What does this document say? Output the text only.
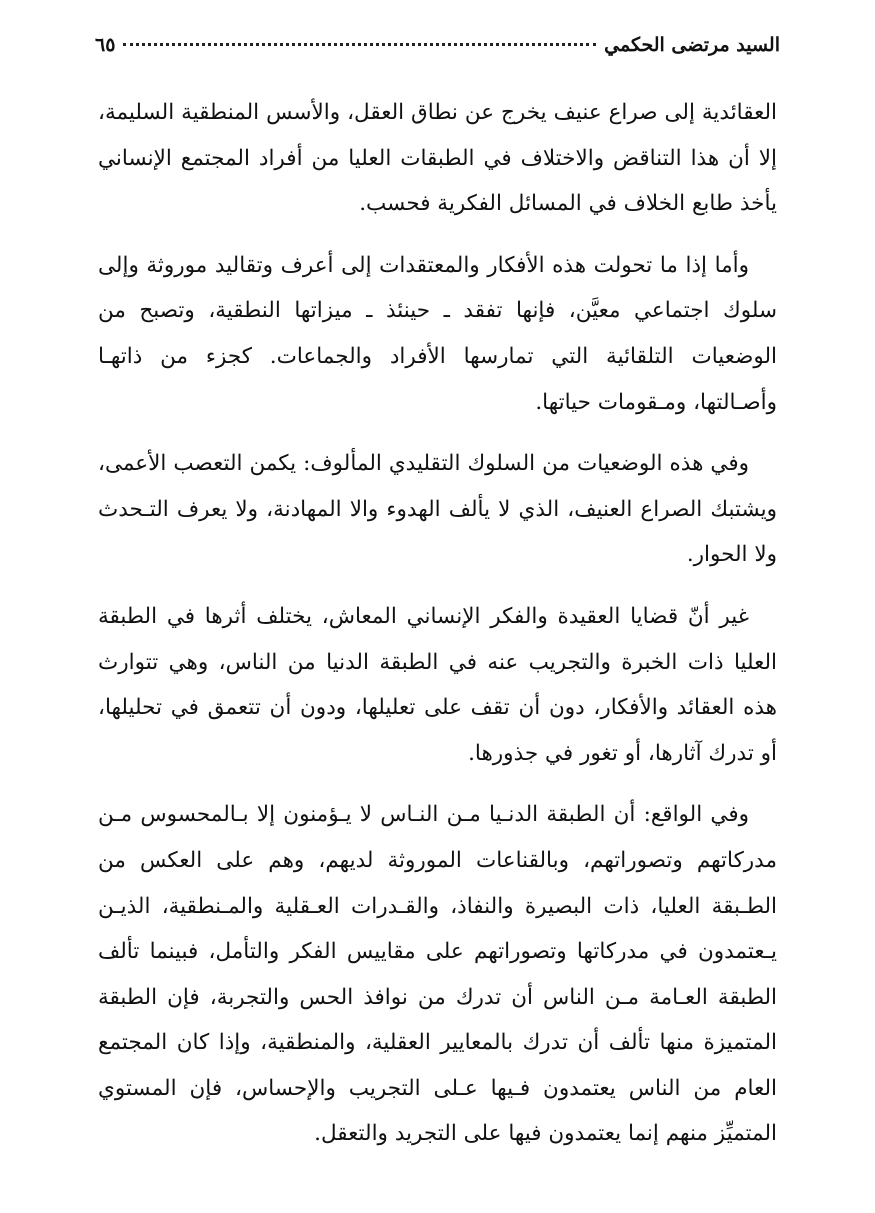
السيد مرتضى الحكمي
٦٥

العقائدية إلى صراع عنيف يخرج عن نطاق العقل، والأسس المنطقية السليمة، إلا أن هذا التناقض والاختلاف في الطبقات العليا من أفراد المجتمع الإنساني يأخذ طابع الخلاف في المسائل الفكرية فحسب.

وأما إذا ما تحولت هذه الأفكار والمعتقدات إلى أعرف وتقاليد موروثة وإلى سلوك اجتماعي معيَّن، فإنها تفقد ـ حينئذ ـ ميزاتها النطقية، وتصبح من الوضعيات التلقائية التي تمارسها الأفراد والجماعات. كجزء من ذاتهـا وأصـالتها، ومـقومات حياتها.

وفي هذه الوضعيات من السلوك التقليدي المألوف: يكمن التعصب الأعمى، ويشتبك الصراع العنيف، الذي لا يألف الهدوء والا المهادنة، ولا يعرف التـحدث ولا الحوار.

غير أنّ قضايا العقيدة والفكر الإنساني المعاش، يختلف أثرها في الطبقة العليا ذات الخبرة والتجريب عنه في الطبقة الدنيا من الناس، وهي تتوارث هذه العقائد والأفكار، دون أن تقف على تعليلها، ودون أن تتعمق في تحليلها، أو تدرك آثارها، أو تغور في جذورها.

وفي الواقع: أن الطبقة الدنـيا مـن النـاس لا يـؤمنون إلا بـالمحسوس مـن مدركاتهم وتصوراتهم، وبالقناعات الموروثة لديهم، وهم على العكس من الطـبقة العليا، ذات البصيرة والنفاذ، والقـدرات العـقلية والمـنطقية، الذيـن يـعتمدون في مدركاتها وتصوراتهم على مقاييس الفكر والتأمل، فبينما تألف الطبقة العـامة مـن الناس أن تدرك من نوافذ الحس والتجربة، فإن الطبقة المتميزة منها تألف أن تدرك بالمعايير العقلية، والمنطقية، وإذا كان المجتمع العام من الناس يعتمدون فـيها عـلى التجريب والإحساس، فإن المستوي المتميِّز منهم إنما يعتمدون فيها على التجريد والتعقل.
